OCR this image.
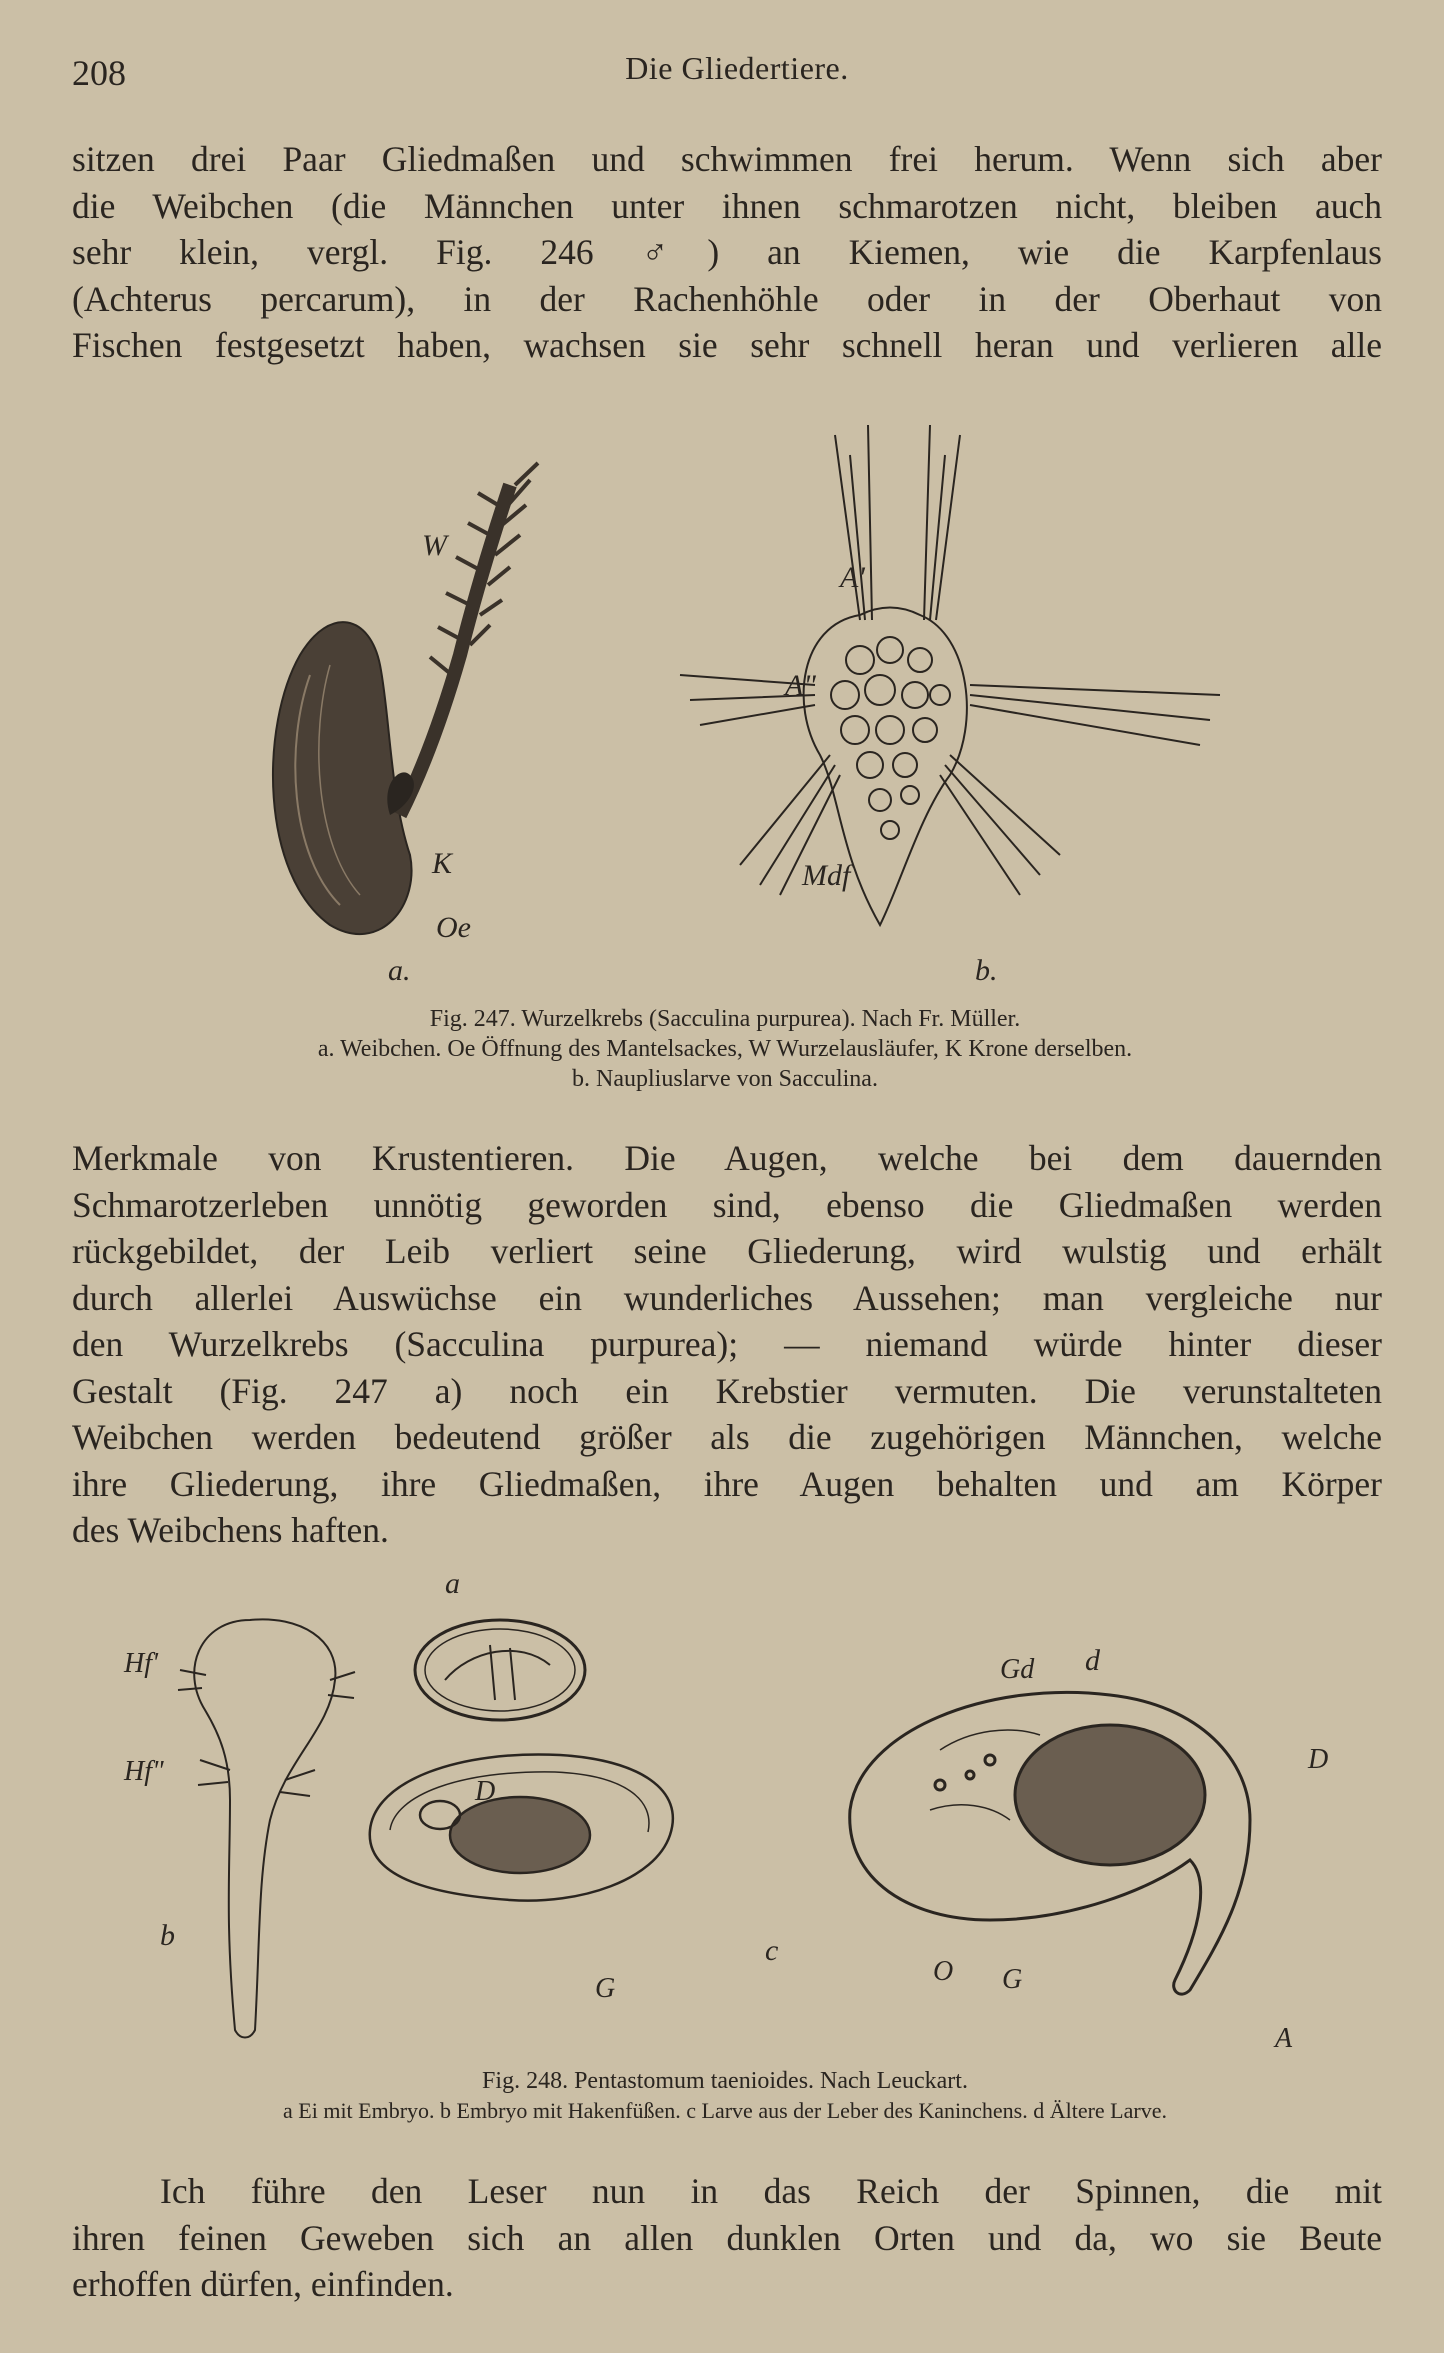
208	Die Gliedertiere.
sitzen drei Paar Gliedmaßen und schwimmen frei herum. Wenn sich aber
die Weibchen (die Männchen unter ihnen schmarotzen nicht, bleiben auch
sehr klein, vergl. Fig. 246 ♂) an Kiemen, wie die Karpfenlaus
(Achterus percarum), in der Rachenhöhle oder in der Oberhaut von
Fischen festgesetzt haben, wachsen sie sehr schnell heran und verlieren alle
W
K
Oe
a.
A'
A"
Mdf
b.
Fig. 247. Wurzelkrebs (Sacculina purpurea). Nach Fr. Müller.
a. Weibchen. Oe Öffnung des Mantelsackes, W Wurzelausläufer, K Krone derselben.
b. Naupliuslarve von Sacculina.
Merkmale von Krustentieren. Die Augen, welche bei dem dauernden
Schmarotzerleben unnötig geworden sind, ebenso die Gliedmaßen werden
rückgebildet, der Leib verliert seine Gliederung, wird wulstig und erhält
durch allerlei Auswüchse ein wunderliches Aussehen; man vergleiche nur
den Wurzelkrebs (Sacculina purpurea); — niemand würde hinter dieser
Gestalt (Fig. 247 a) noch ein Krebstier vermuten. Die verunstalteten
Weibchen werden bedeutend größer als die zugehörigen Männchen, welche
ihre Gliederung, ihre Gliedmaßen, ihre Augen behalten und am Körper
des Weibchens haften.
Hf'
Hf"
b
a
D
G
c
Gd d
D
O G
A
Fig. 248. Pentastomum taenioides. Nach Leuckart.
a Ei mit Embryo. b Embryo mit Hakenfüßen. c Larve aus der Leber des Kaninchens. d Ältere Larve.
Ich führe den Leser nun in das Reich der Spinnen, die mit
ihren feinen Geweben sich an allen dunklen Orten und da, wo sie Beute
erhoffen dürfen, einfinden.
